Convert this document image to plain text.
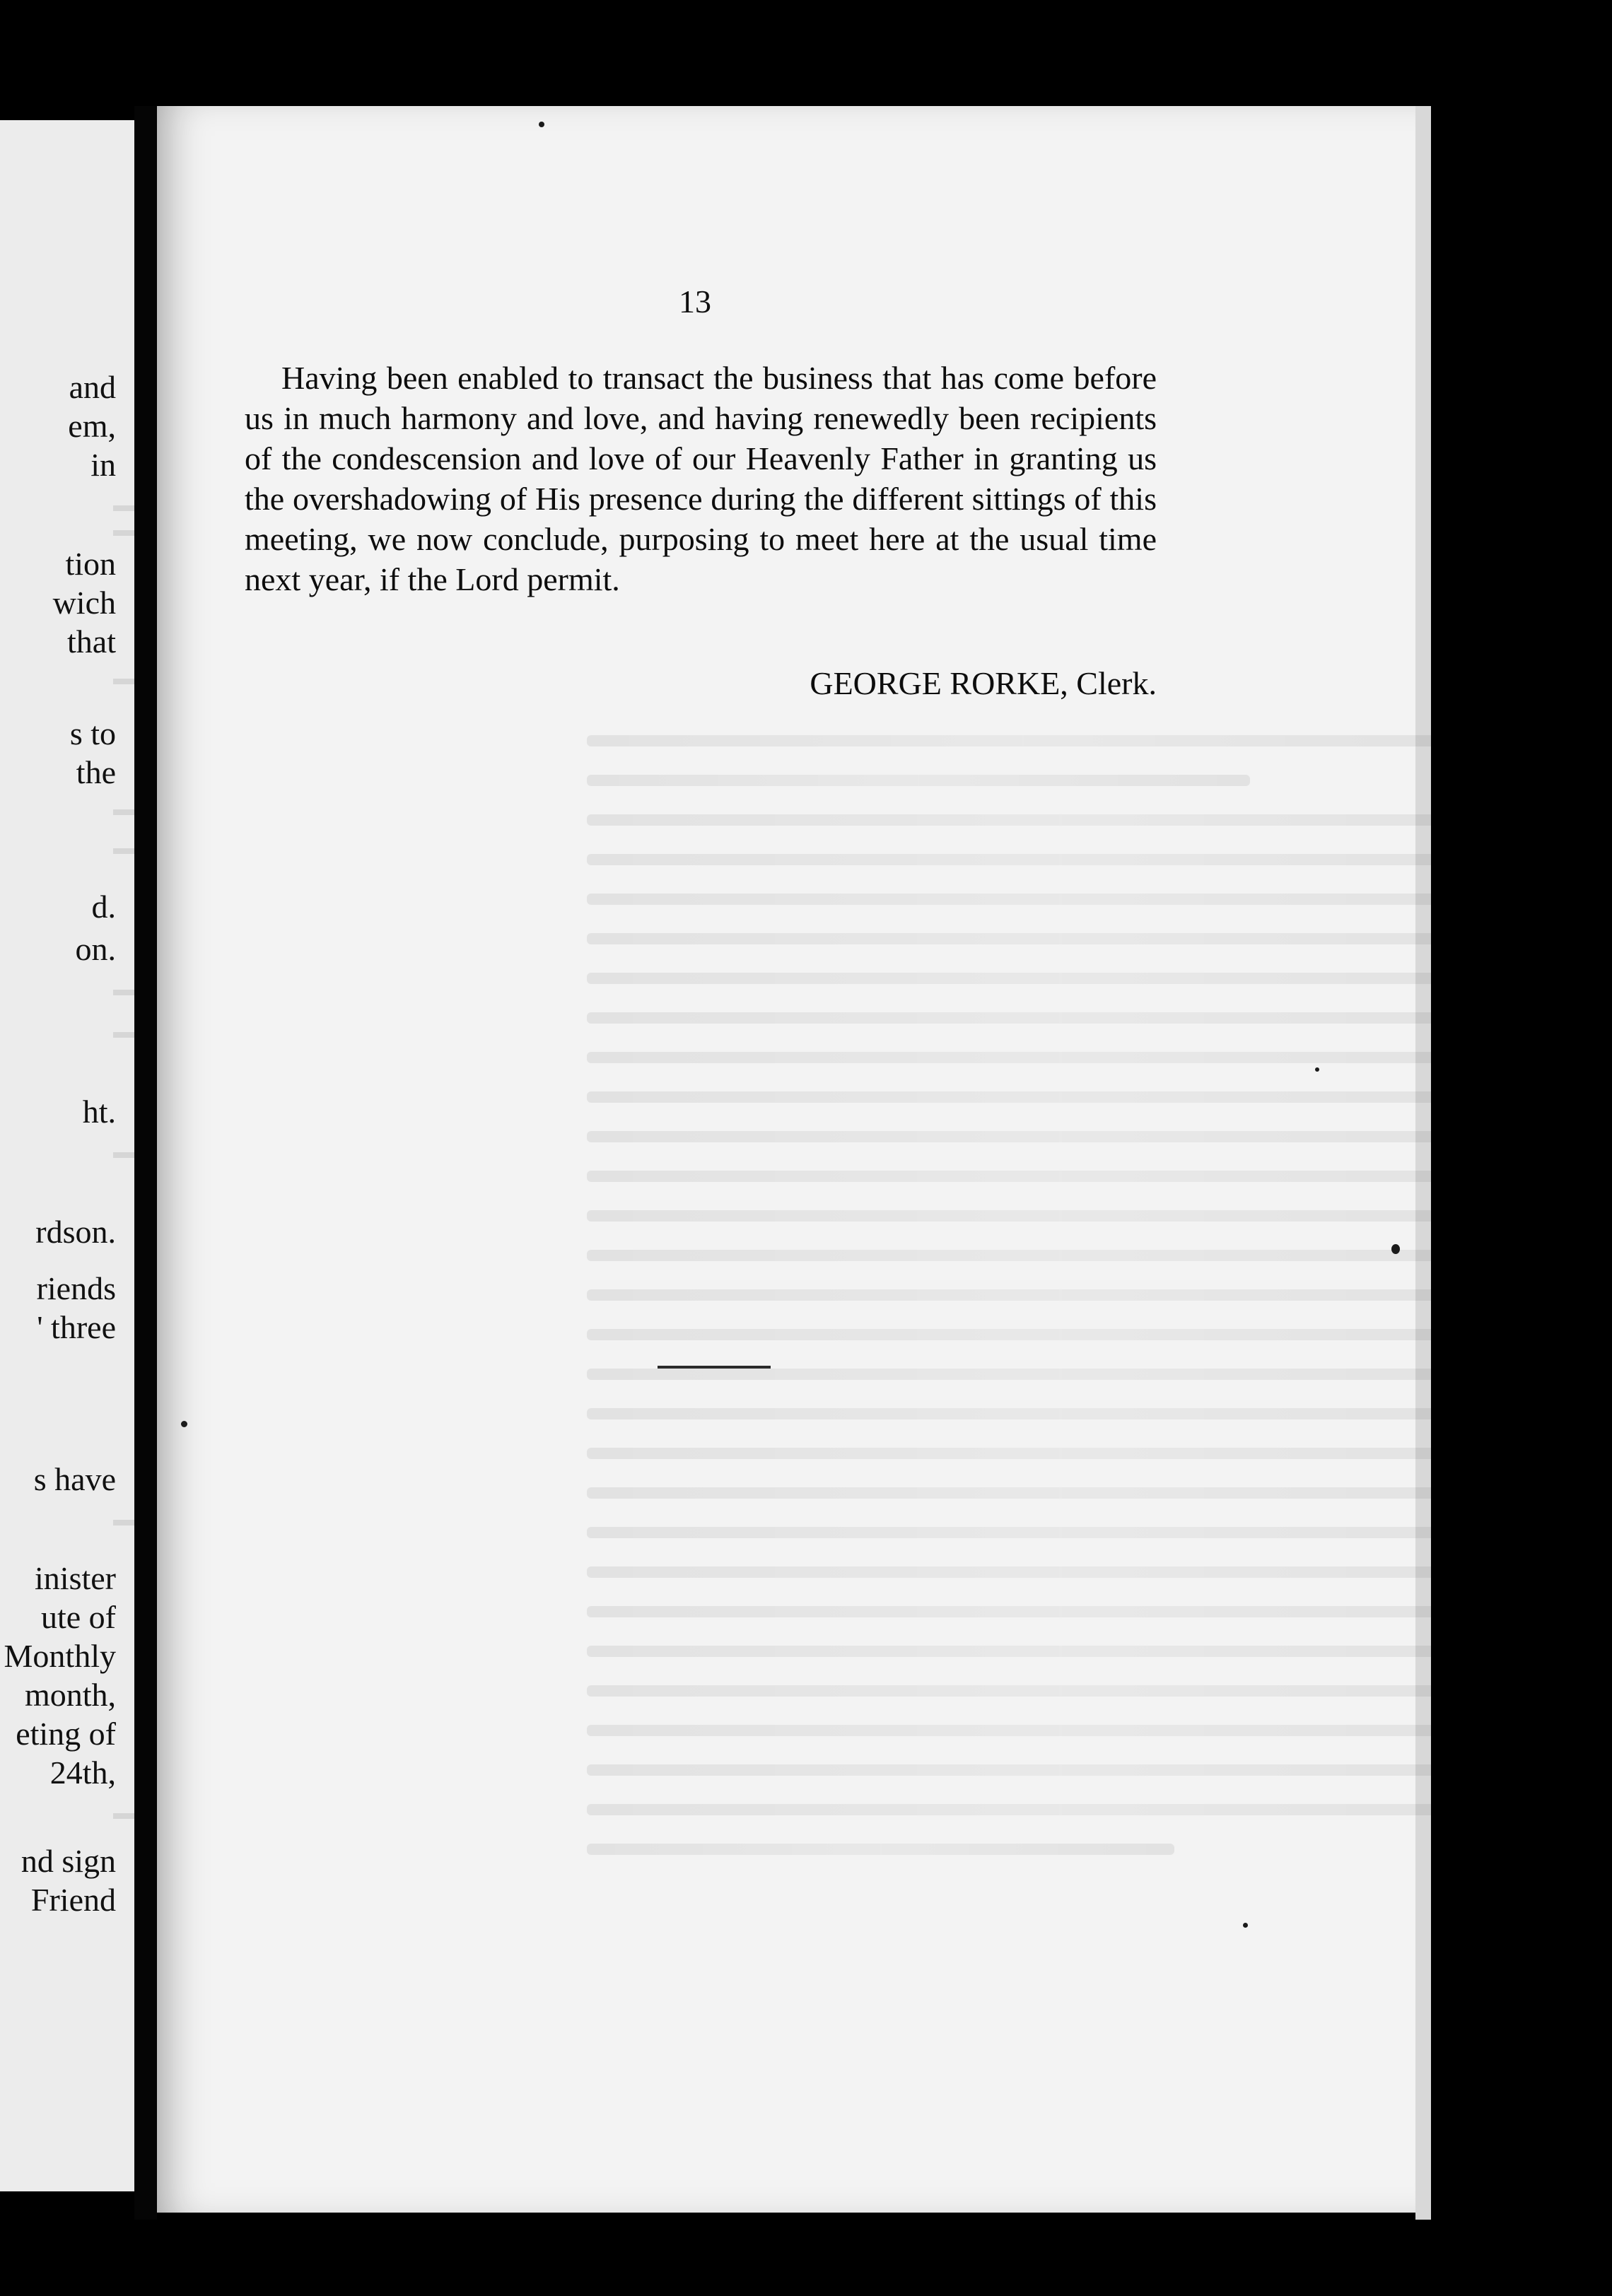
and
em,
in
tion
wich
that
s to
the
d.
on.
ht.
rdson.
riends
' three
s have
inister
ute of
Monthly
month,
eting of
24th,
nd sign
Friend
13

Having been enabled to transact the business that has come before us in much harmony and love, and having renewedly been recipients of the condescension and love of our Heavenly Father in granting us the overshadowing of His presence during the different sittings of this meeting, we now conclude, purposing to meet here at the usual time next year, if the Lord permit.

GEORGE RORKE, Clerk.
